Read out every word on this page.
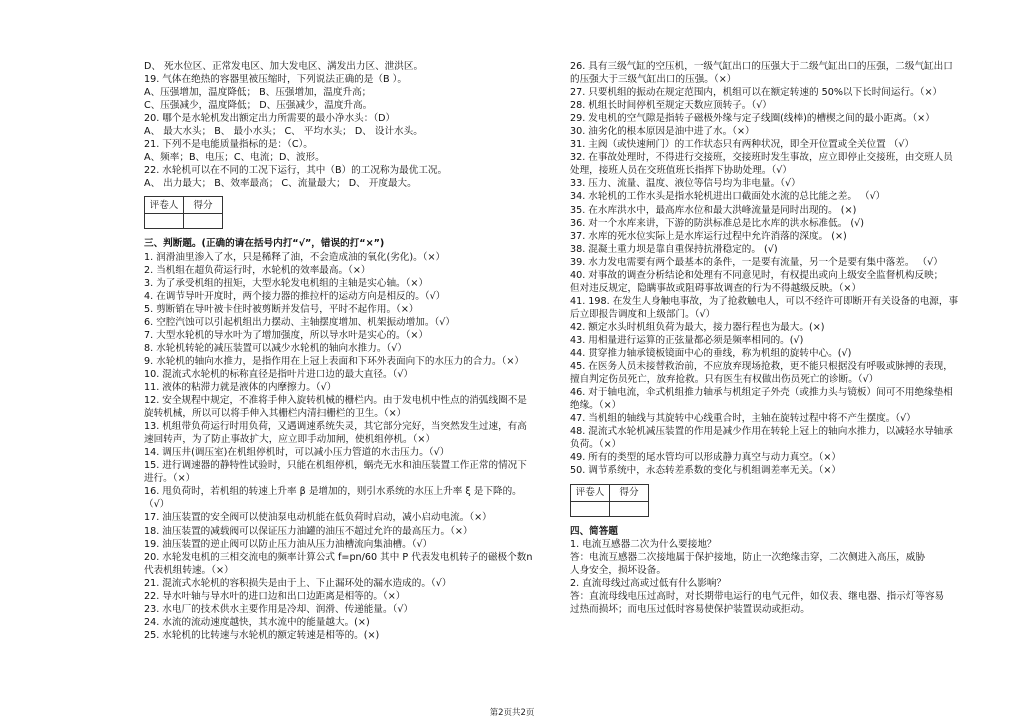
D、 死水位区、正常发电区、加大发电区、满发出力区、泄洪区。
19. 气体在绝热的容器里被压缩时，下列说法正确的是（B ）。
A、压强增加，温度降低； B、压强增加，温度升高；
C、压强减少，温度降低； D、压强减少，温度升高。
20. 哪个是水轮机发出额定出力所需要的最小净水头：（D）
A、 最大水头； B、 最小水头； C、 平均水头； D、 设计水头。
21. 下列不是电能质量指标的是：（C）。
A、频率；B、电压；C、电流；D、波形。
22. 水轮机可以在不同的工况下运行，其中（B）的工况称为最优工况。
A、 出力最大； B、效率最高； C、流量最大； D、 开度最大。
评卷人	得分

三、判断题。(正确的请在括号内打“√”，错误的打“×”)
1. 润滑油里渗入了水，只是稀释了油，不会造成油的氧化(劣化)。（×）
2. 当机组在超负荷运行时，水轮机的效率最高。（×）
3. 为了承受机组的扭矩，大型水轮发电机组的主轴是实心轴。（×）
4. 在调节导叶开度时，两个接力器的推拉杆的运动方向是相反的。（√）
5. 剪断销在导叶被卡住时被剪断并发信号，平时不起作用。（×）
6. 空腔汽蚀可以引起机组出力摆动、主轴摆度增加、机架振动增加。（√）
7. 大型水轮机的导水叶为了增加强度，所以导水叶是实心的。（×）
8. 水轮机转轮的减压装置可以减少水轮机的轴向水推力。（√）
9. 水轮机的轴向水推力，是指作用在上冠上表面和下环外表面向下的水压力的合力。（×）
10. 混流式水轮机的标称直径是指叶片进口边的最大直径。（√）
11. 液体的粘滞力就是液体的内摩擦力。（√）
12. 安全规程中规定，不准将手伸入旋转机械的栅栏内。由于发电机中性点的消弧线圈不是
旋转机械，所以可以将手伸入其栅栏内清扫栅栏的卫生。（×）
13. 机组带负荷运行时用负荷，又遇调速系统失灵，其它部分完好，当突然发生过速，有高
速回转声，为了防止事故扩大，应立即手动加闸，使机组停机。（×）
14. 调压井(调压室)在机组停机时，可以减小压力管道的水击压力。（√）
15. 进行调速器的静特性试验时，只能在机组停机，蜗壳无水和油压装置工作正常的情况下
进行。（×）
16. 甩负荷时，若机组的转速上升率 β 是增加的，则引水系统的水压上升率 ξ 是下降的。
（√）
17. 油压装置的安全阀可以使油泵电动机能在低负荷时启动，减小启动电流。（×）
18. 油压装置的减载阀可以保证压力油罐的油压不超过允许的最高压力。（×）
19. 油压装置的逆止阀可以防止压力油从压力油槽流向集油槽。（√）
20. 水轮发电机的三相交流电的频率计算公式 f=pn/60 其中 P 代表发电机转子的磁极个数n
代表机组转速。（×）
21. 混流式水轮机的容积损失是由于上、下止漏环处的漏水造成的。（√）
22. 导水叶轴与导水叶的进口边和出口边距离是相等的。（×）
23. 水电厂的技术供水主要作用是冷却、润滑、传递能量。（√）
24. 水流的流动速度越快，其水流中的能量越大。(×)
25. 水轮机的比转速与水轮机的额定转速是相等的。(×)
26. 具有三级气缸的空压机，一级气缸出口的压强大于二级气缸出口的压强，二级气缸出口
的压强大于三级气缸出口的压强。（×）
27. 只要机组的振动在规定范围内，机组可以在额定转速的 50%以下长时间运行。（×）
28. 机组长时间停机至规定天数应顶转子。（√）
29. 发电机的空气隙是指转子磁极外缘与定子线圈(线棒)的槽楔之间的最小距离。（×）
30. 油劣化的根本原因是油中进了水。（×）
31. 主阀（或快速闸门）的工作状态只有两种状况，即全开位置或全关位置 （√）
32. 在事故处理时，不得进行交接班，交接班时发生事故，应立即停止交接班，由交班人员
处理，接班人员在交班值班长指挥下协助处理。（√）
33. 压力、流量、温度、液位等信号均为非电量。（√）
34. 水轮机的工作水头是指水轮机进出口截面处水流的总比能之差。 （√）
35. 在水库洪水中，最高库水位和最大洪峰流量是同时出现的。 (×)
36. 对一个水库来讲，下游的防洪标准总是比水库的洪水标准低。 (√)
37. 水库的死水位实际上是水库运行过程中允许消落的深度。 (×)
38. 混凝土重力坝是靠自重保持抗滑稳定的。 (√)
39. 水力发电需要有两个最基本的条件，一是要有流量，另一个是要有集中落差。 （√）
40. 对事故的调查分析结论和处理有不同意见时，有权提出或向上级安全监督机构反映；
但对违反规定，隐瞒事故或阻碍事故调查的行为不得越级反映。（×）
41. 198. 在发生人身触电事故，为了抢救触电人，可以不经许可即断开有关设备的电源，事
后立即报告调度和上级部门。（√）
42. 额定水头时机组负荷为最大，接力器行程也为最大。(×)
43. 用相量进行运算的正弦量都必须是频率相同的。(√)
44. 贯穿推力轴承镜板镜面中心的垂线，称为机组的旋转中心。(√)
45. 在医务人员未接替救治前，不应放弃现场抢救，更不能只根据没有呼吸或脉搏的表现，
擅自判定伤员死亡，放弃抢救。只有医生有权做出伤员死亡的诊断。（√）
46. 对于轴电流，伞式机组推力轴承与机组定子外壳（或推力头与镜板）间可不用绝缘垫相
绝缘。（×）
47. 当机组的轴线与其旋转中心线重合时，主轴在旋转过程中将不产生摆度。（√）
48. 混流式水轮机减压装置的作用是减少作用在转轮上冠上的轴向水推力，以减轻水导轴承
负荷。（×）
49. 所有的类型的尾水管均可以形成静力真空与动力真空。（×）
50. 调节系统中，永态转差系数的变化与机组调差率无关。（×）
评卷人	得分

四、简答题
1. 电流互感器二次为什么要接地？
答：电流互感器二次接地属于保护接地，防止一次绝缘击穿，二次侧进入高压，威胁
人身安全，损坏设备。
2. 直流母线过高或过低有什么影响？
答：直流母线电压过高时，对长期带电运行的电气元件，如仪表、继电器、指示灯等容易
过热而损坏；而电压过低时容易使保护装置误动或拒动。
第2页共2页
